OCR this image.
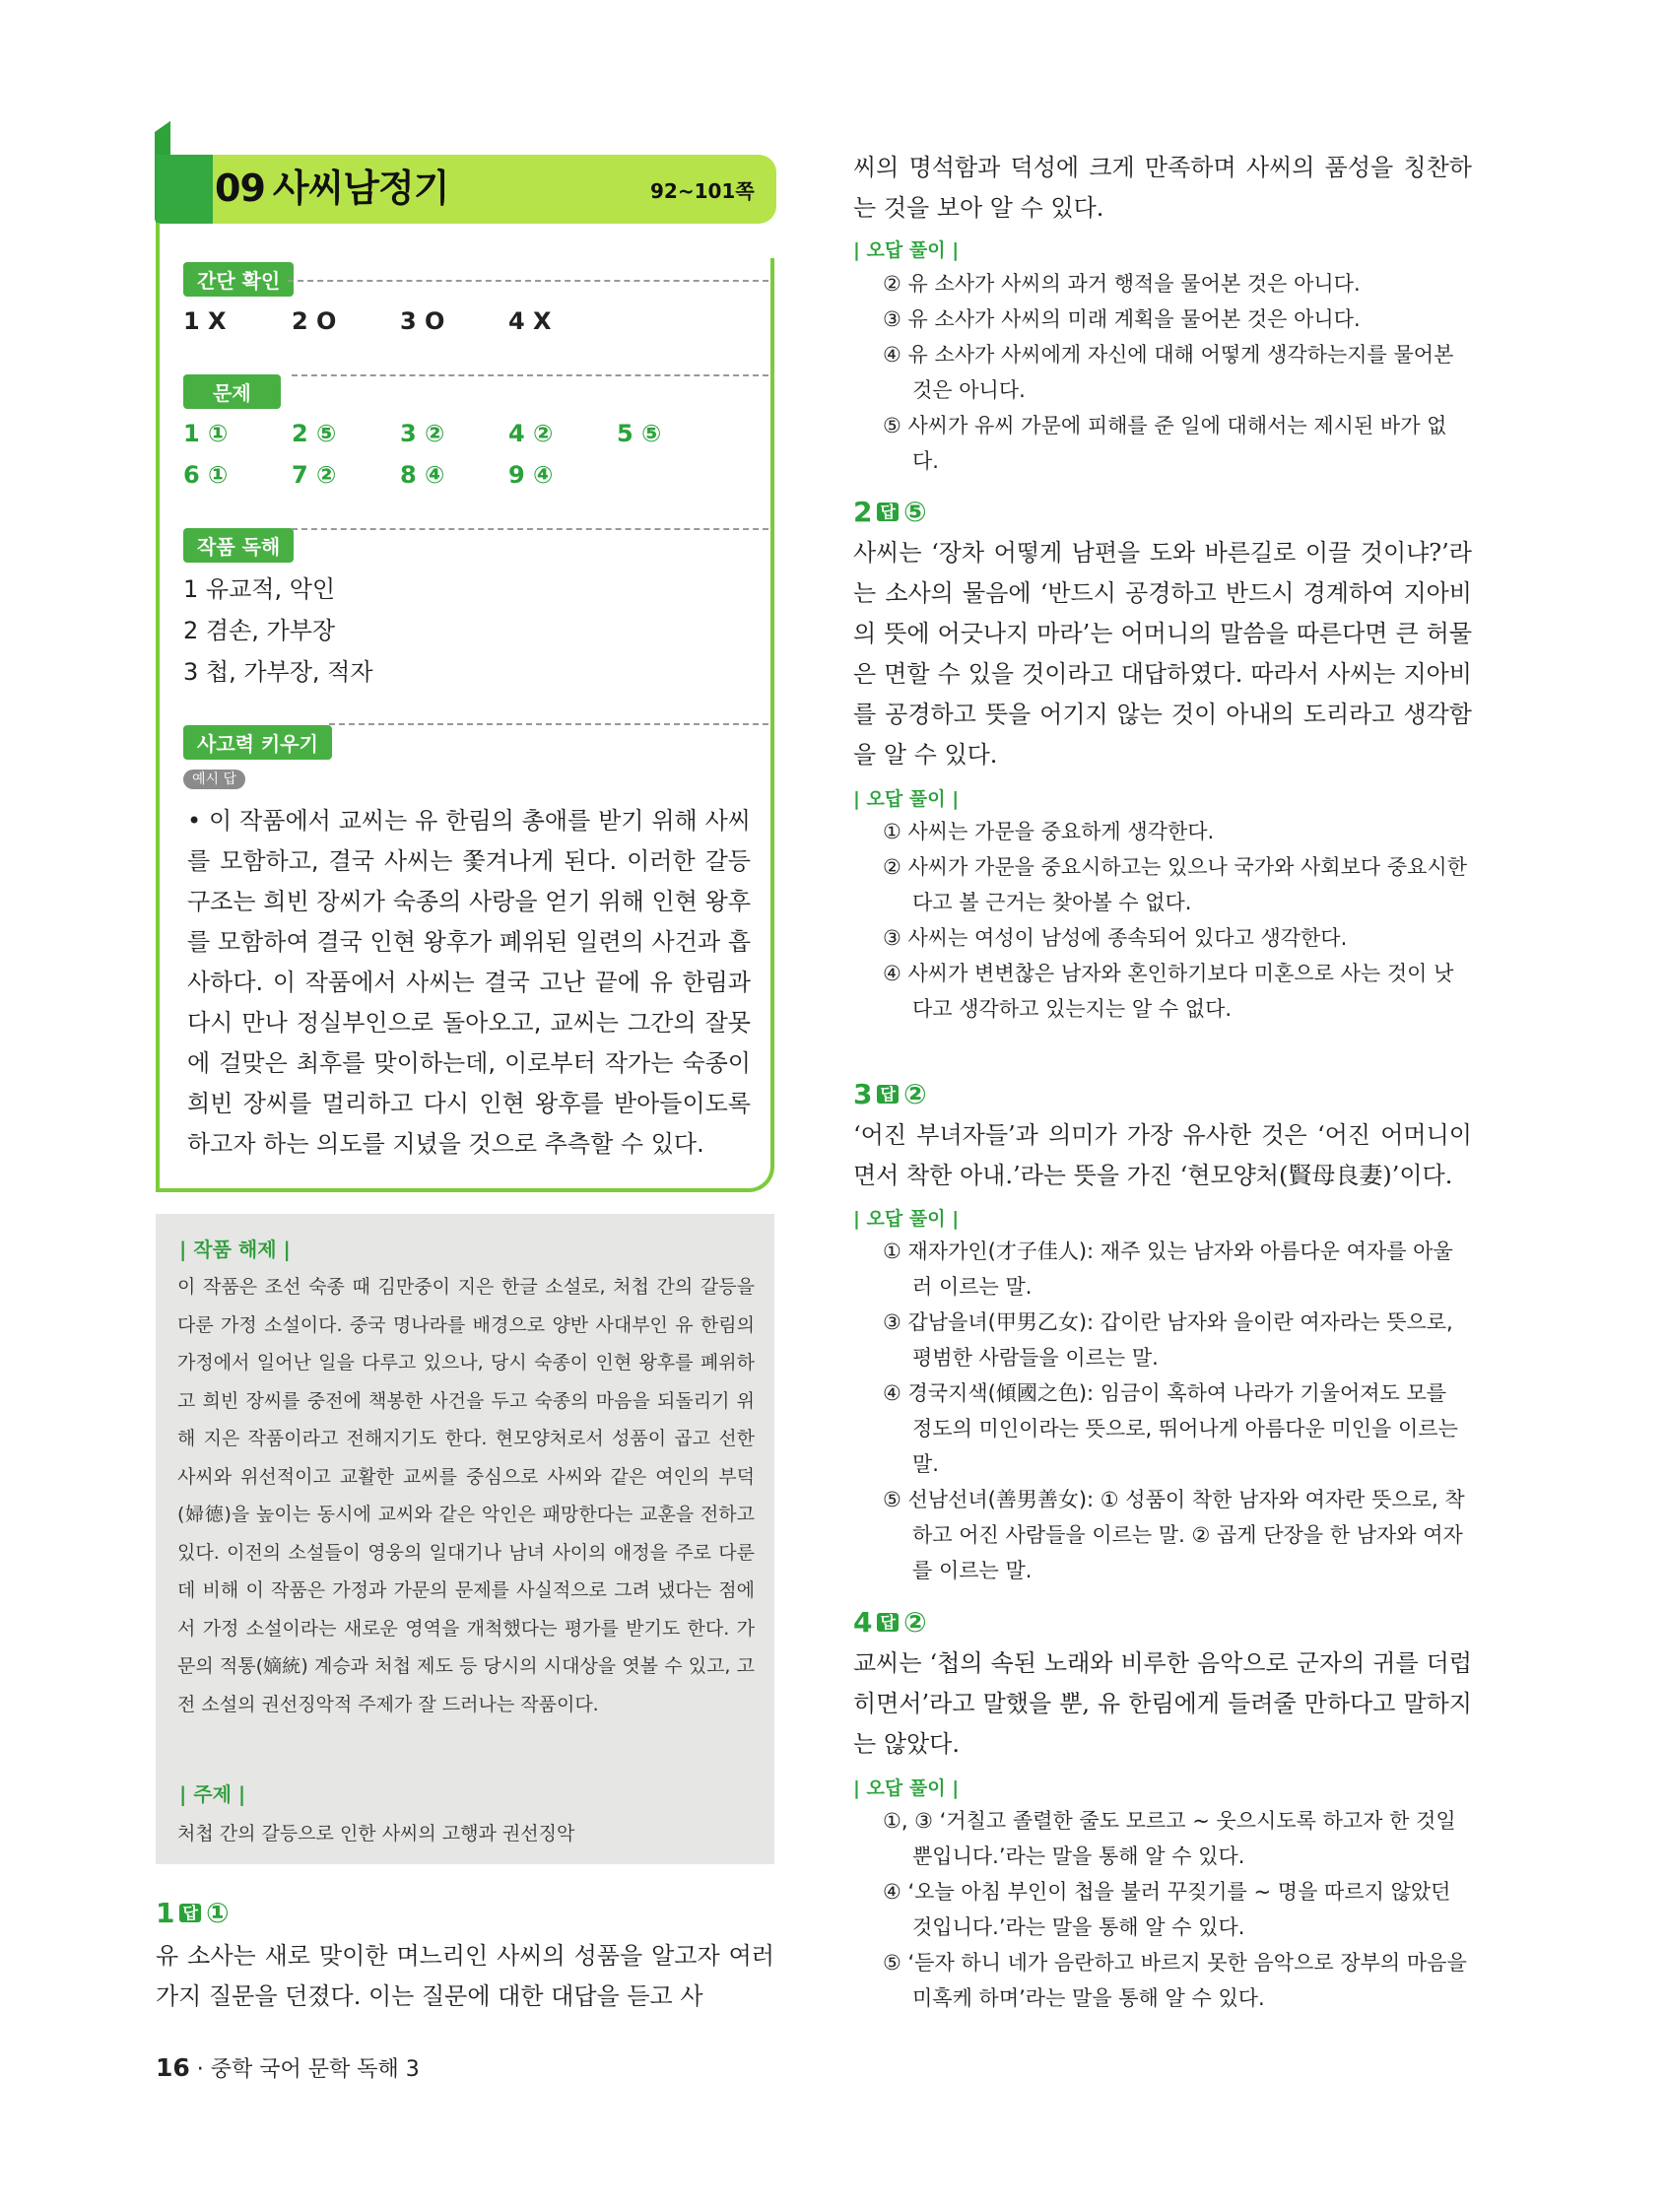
09 사씨남정기	92~101쪽
간단 확인
1 X	2 O	3 O	4 X
문제
1 ①	2 ⑤	3 ②	4 ②	5 ⑤
6 ①	7 ②	8 ④	9 ④
작품 독해
1 유교적, 악인
2 겸손, 가부장
3 첩, 가부장, 적자
사고력 키우기
예시 답
• 이 작품에서 교씨는 유 한림의 총애를 받기 위해 사씨를 모함하고, 결국 사씨는 쫓겨나게 된다. 이러한 갈등 구조는 희빈 장씨가 숙종의 사랑을 얻기 위해 인현 왕후를 모함하여 결국 인현 왕후가 폐위된 일련의 사건과 흡사하다. 이 작품에서 사씨는 결국 고난 끝에 유 한림과 다시 만나 정실부인으로 돌아오고, 교씨는 그간의 잘못에 걸맞은 최후를 맞이하는데, 이로부터 작가는 숙종이 희빈 장씨를 멀리하고 다시 인현 왕후를 받아들이도록 하고자 하는 의도를 지녔을 것으로 추측할 수 있다.
| 작품 해제 |
이 작품은 조선 숙종 때 김만중이 지은 한글 소설로, 처첩 간의 갈등을 다룬 가정 소설이다. 중국 명나라를 배경으로 양반 사대부인 유 한림의 가정에서 일어난 일을 다루고 있으나, 당시 숙종이 인현 왕후를 폐위하고 희빈 장씨를 중전에 책봉한 사건을 두고 숙종의 마음을 되돌리기 위해 지은 작품이라고 전해지기도 한다. 현모양처로서 성품이 곱고 선한 사씨와 위선적이고 교활한 교씨를 중심으로 사씨와 같은 여인의 부덕(婦德)을 높이는 동시에 교씨와 같은 악인은 패망한다는 교훈을 전하고 있다. 이전의 소설들이 영웅의 일대기나 남녀 사이의 애정을 주로 다룬 데 비해 이 작품은 가정과 가문의 문제를 사실적으로 그려 냈다는 점에서 가정 소설이라는 새로운 영역을 개척했다는 평가를 받기도 한다. 가문의 적통(嫡統) 계승과 처첩 제도 등 당시의 시대상을 엿볼 수 있고, 고전 소설의 권선징악적 주제가 잘 드러나는 작품이다.
| 주제 |
처첩 간의 갈등으로 인한 사씨의 고행과 권선징악
1 답 ①
유 소사는 새로 맞이한 며느리인 사씨의 성품을 알고자 여러 가지 질문을 던졌다. 이는 질문에 대한 대답을 듣고 사
16 · 중학 국어 문학 독해 3
씨의 명석함과 덕성에 크게 만족하며 사씨의 품성을 칭찬하는 것을 보아 알 수 있다.
| 오답 풀이 |
② 유 소사가 사씨의 과거 행적을 물어본 것은 아니다.
③ 유 소사가 사씨의 미래 계획을 물어본 것은 아니다.
④ 유 소사가 사씨에게 자신에 대해 어떻게 생각하는지를 물어본 것은 아니다.
⑤ 사씨가 유씨 가문에 피해를 준 일에 대해서는 제시된 바가 없다.
2 답 ⑤
사씨는 ‘장차 어떻게 남편을 도와 바른길로 이끌 것이냐?’라는 소사의 물음에 ‘반드시 공경하고 반드시 경계하여 지아비의 뜻에 어긋나지 마라’는 어머니의 말씀을 따른다면 큰 허물은 면할 수 있을 것이라고 대답하였다. 따라서 사씨는 지아비를 공경하고 뜻을 어기지 않는 것이 아내의 도리라고 생각함을 알 수 있다.
| 오답 풀이 |
① 사씨는 가문을 중요하게 생각한다.
② 사씨가 가문을 중요시하고는 있으나 국가와 사회보다 중요시한다고 볼 근거는 찾아볼 수 없다.
③ 사씨는 여성이 남성에 종속되어 있다고 생각한다.
④ 사씨가 변변찮은 남자와 혼인하기보다 미혼으로 사는 것이 낫다고 생각하고 있는지는 알 수 없다.
3 답 ②
‘어진 부녀자들’과 의미가 가장 유사한 것은 ‘어진 어머니이면서 착한 아내.’라는 뜻을 가진 ‘현모양처(賢母良妻)’이다.
| 오답 풀이 |
① 재자가인(才子佳人): 재주 있는 남자와 아름다운 여자를 아울러 이르는 말.
③ 갑남을녀(甲男乙女): 갑이란 남자와 을이란 여자라는 뜻으로, 평범한 사람들을 이르는 말.
④ 경국지색(傾國之色): 임금이 혹하여 나라가 기울어져도 모를 정도의 미인이라는 뜻으로, 뛰어나게 아름다운 미인을 이르는 말.
⑤ 선남선녀(善男善女): ① 성품이 착한 남자와 여자란 뜻으로, 착하고 어진 사람들을 이르는 말. ② 곱게 단장을 한 남자와 여자를 이르는 말.
4 답 ②
교씨는 ‘첩의 속된 노래와 비루한 음악으로 군자의 귀를 더럽히면서’라고 말했을 뿐, 유 한림에게 들려줄 만하다고 말하지는 않았다.
| 오답 풀이 |
①, ③ ‘거칠고 졸렬한 줄도 모르고 ~ 웃으시도록 하고자 한 것일 뿐입니다.’라는 말을 통해 알 수 있다.
④ ‘오늘 아침 부인이 첩을 불러 꾸짖기를 ~ 명을 따르지 않았던 것입니다.’라는 말을 통해 알 수 있다.
⑤ ‘듣자 하니 네가 음란하고 바르지 못한 음악으로 장부의 마음을 미혹케 하며’라는 말을 통해 알 수 있다.
